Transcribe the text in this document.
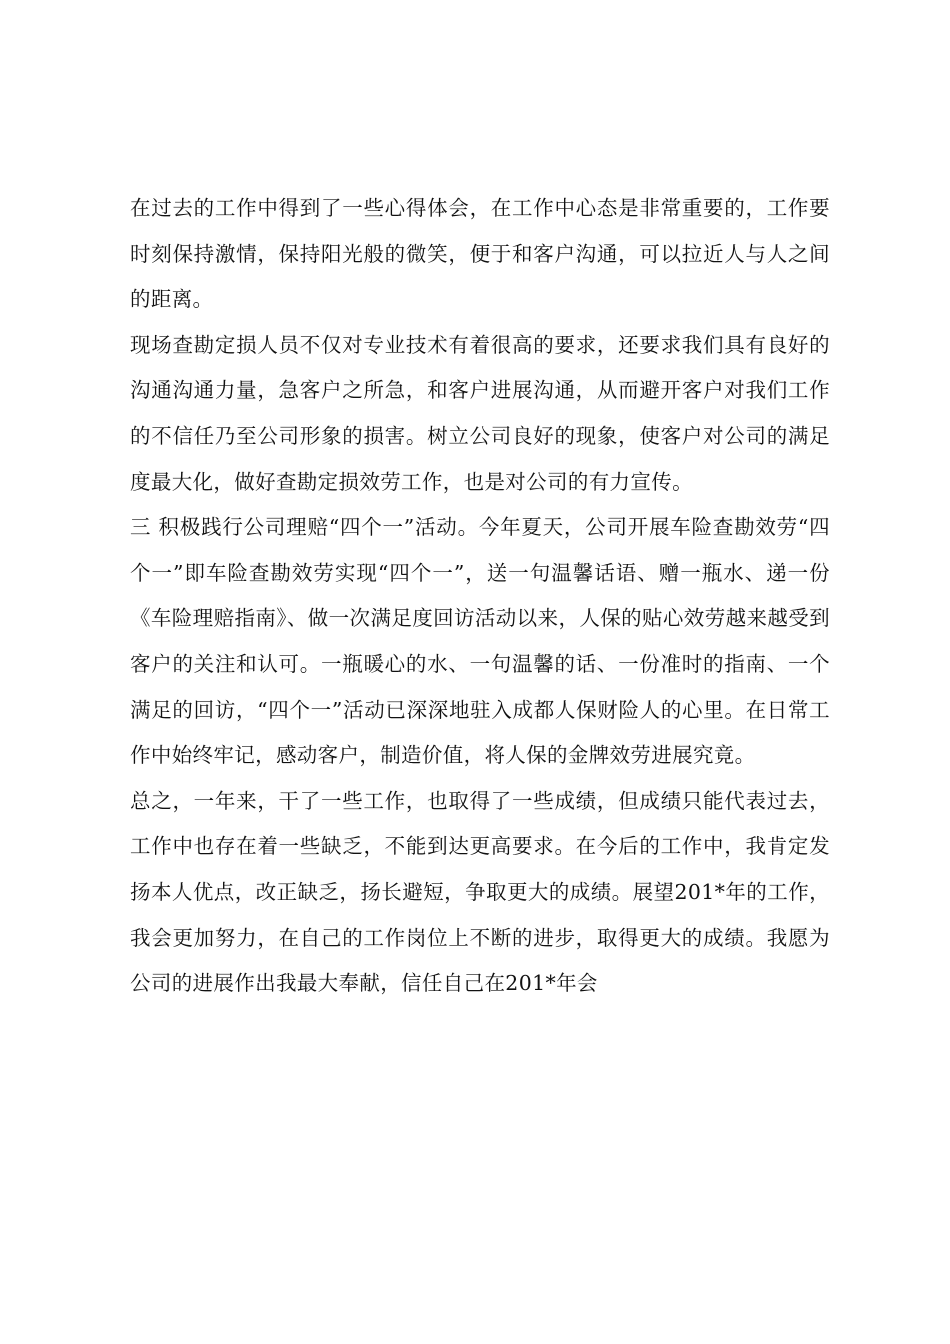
在过去的工作中得到了一些心得体会，在工作中心态是非常重要的，工作要时刻保持激情，保持阳光般的微笑，便于和客户沟通，可以拉近人与人之间的距离。

现场查勘定损人员不仅对专业技术有着很高的要求，还要求我们具有良好的沟通沟通力量，急客户之所急，和客户进展沟通，从而避开客户对我们工作的不信任乃至公司形象的损害。树立公司良好的现象，使客户对公司的满足度最大化，做好查勘定损效劳工作，也是对公司的有力宣传。

三 积极践行公司理赔“四个一”活动。今年夏天，公司开展车险查勘效劳“四个一”即车险查勘效劳实现“四个一”，送一句温馨话语、赠一瓶水、递一份《车险理赔指南》、做一次满足度回访活动以来，人保的贴心效劳越来越受到客户的关注和认可。一瓶暖心的水、一句温馨的话、一份准时的指南、一个满足的回访，“四个一”活动已深深地驻入成都人保财险人的心里。在日常工作中始终牢记，感动客户，制造价值，将人保的金牌效劳进展究竟。

总之，一年来，干了一些工作，也取得了一些成绩，但成绩只能代表过去，工作中也存在着一些缺乏，不能到达更高要求。在今后的工作中，我肯定发扬本人优点，改正缺乏，扬长避短，争取更大的成绩。展望201*年的工作，我会更加努力，在自己的工作岗位上不断的进步，取得更大的成绩。我愿为公司的进展作出我最大奉献，信任自己在201*年会
